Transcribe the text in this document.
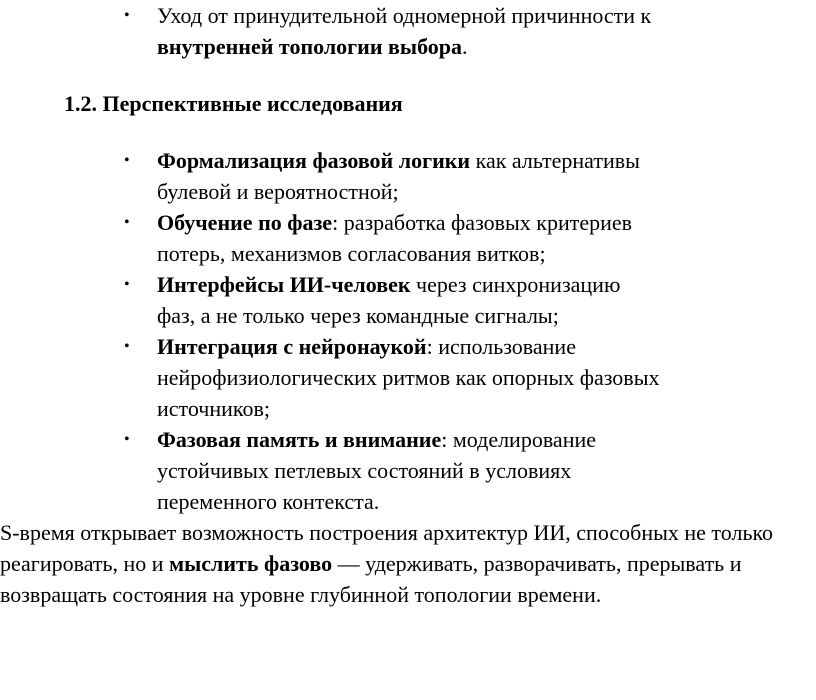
• Уход от принудительной одномерной причинности к внутренней топологии выбора.
1.2. Перспективные исследования
• Формализация фазовой логики как альтернативы булевой и вероятностной;
• Обучение по фазе: разработка фазовых критериев потерь, механизмов согласования витков;
• Интерфейсы ИИ-человек через синхронизацию фаз, а не только через командные сигналы;
• Интеграция с нейронаукой: использование нейрофизиологических ритмов как опорных фазовых источников;
• Фазовая память и внимание: моделирование устойчивых петлевых состояний в условиях переменного контекста.

S-время открывает возможность построения архитектур ИИ, способных не только реагировать, но и мыслить фазово — удерживать, разворачивать, прерывать и возвращать состояния на уровне глубинной топологии времени.
